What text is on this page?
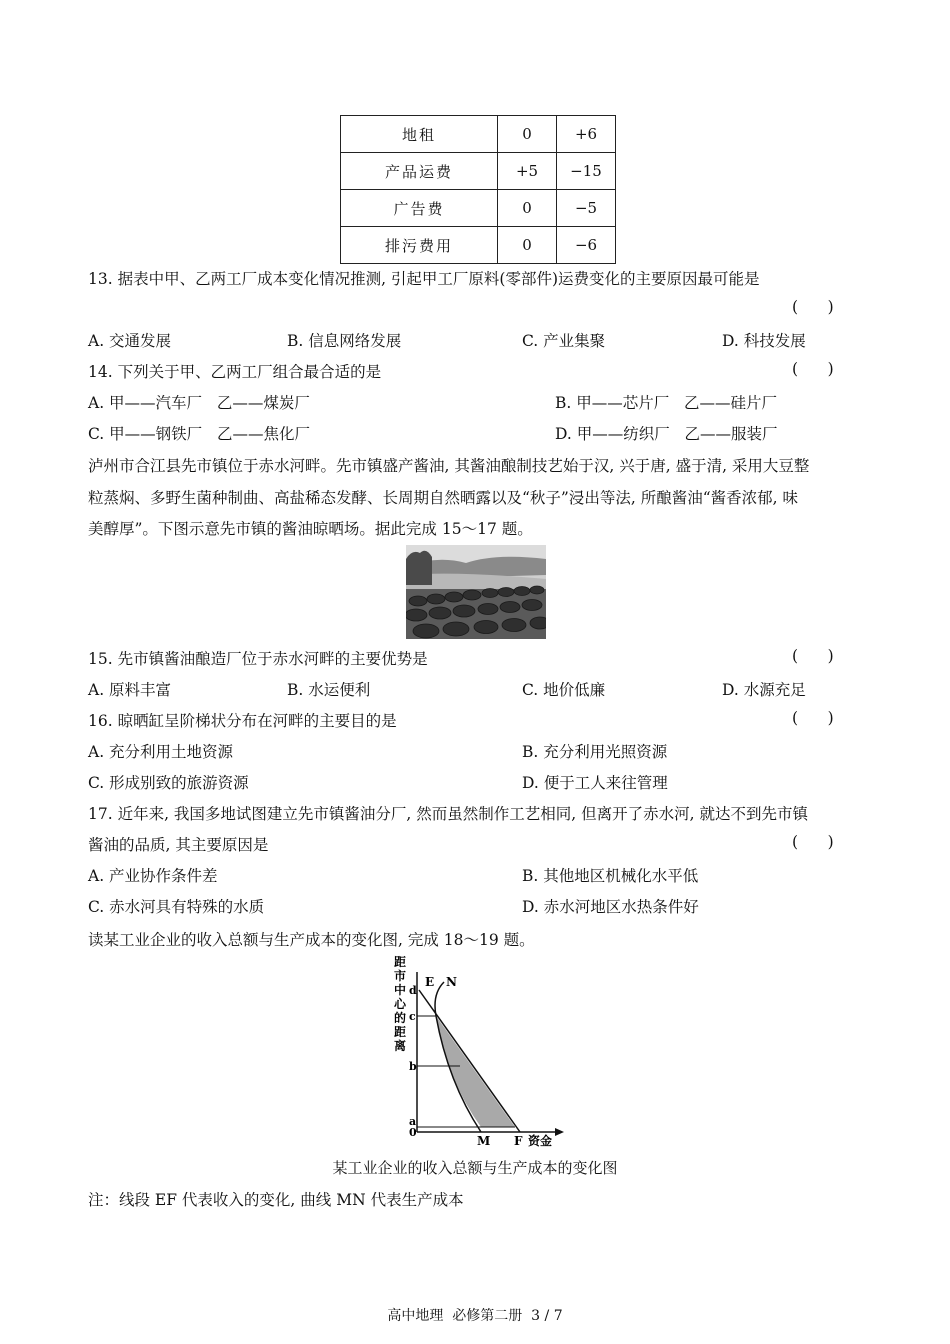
地租	0	+6
产品运费	+5	−15
广告费	0	−5
排污费用	0	−6
13. 据表中甲、乙两工厂成本变化情况推测, 引起甲工厂原料(零部件)运费变化的主要原因最可能是
(      )
A. 交通发展	B. 信息网络发展	C. 产业集聚	D. 科技发展
14. 下列关于甲、乙两工厂组合最合适的是	(      )
A. 甲——汽车厂   乙——煤炭厂	B. 甲——芯片厂   乙——硅片厂
C. 甲——钢铁厂   乙——焦化厂	D. 甲——纺织厂   乙——服装厂
泸州市合江县先市镇位于赤水河畔。先市镇盛产酱油, 其酱油酿制技艺始于汉, 兴于唐, 盛于清, 采用大豆整
粒蒸焖、多野生菌种制曲、高盐稀态发酵、长周期自然晒露以及“秋子”浸出等法, 所酿酱油“酱香浓郁, 味
美醇厚”。下图示意先市镇的酱油晾晒场。据此完成 15～17 题。
15. 先市镇酱油酿造厂位于赤水河畔的主要优势是	(      )
A. 原料丰富	B. 水运便利	C. 地价低廉	D. 水源充足
16. 晾晒缸呈阶梯状分布在河畔的主要目的是	(      )
A. 充分利用土地资源	B. 充分利用光照资源
C. 形成别致的旅游资源	D. 便于工人来往管理
17. 近年来, 我国多地试图建立先市镇酱油分厂, 然而虽然制作工艺相同, 但离开了赤水河, 就达不到先市镇
酱油的品质, 其主要原因是	(      )
A. 产业协作条件差	B. 其他地区机械化水平低
C. 赤水河具有特殊的水质	D. 赤水河地区水热条件好
读某工业企业的收入总额与生产成本的变化图, 完成 18～19 题。
距 市 中 心 的 距 离
d
c
b
a
0
E N
M F 资金
某工业企业的收入总额与生产成本的变化图
注：线段 EF 代表收入的变化, 曲线 MN 代表生产成本
高中地理  必修第二册  3 / 7
